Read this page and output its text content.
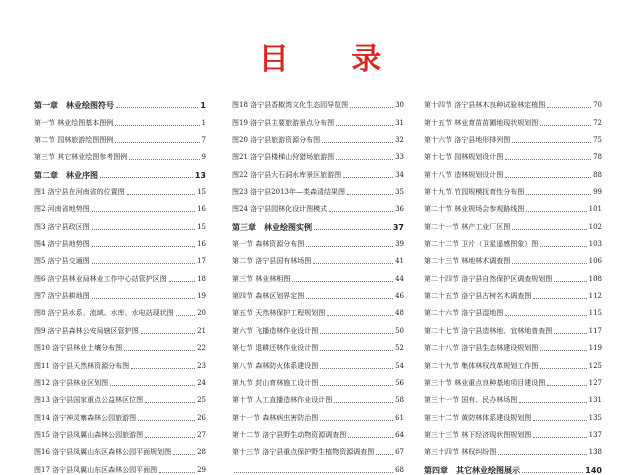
目 录
第一章　林业绘图符号	1
第一节 林业绘图基本图例	1
第二节 园林旅游绘图图例	7
第三节 其它林业绘图参考图例	9
第二章　林业序图	13
图1 洛宁县在河南省的位置图	15
图2 河南省地势图	16
图3 洛宁县政区图	15
图4 洛宁县地势图	16
图5 洛宁县交通图	17
图6 洛宁县林业局林业工作中心站管护区图	18
图7 洛宁县耕地图	19
图8 洛宁县水系、流域、水库、水电站现状图	20
图9 洛宁县森林公安局辖区管护图	21
图10 洛宁县林业土壤分布图	22
图11 洛宁县天然林资源分布图	23
图12 洛宁县林业区划图	24
图13 洛宁县国家重点公益林区位图	25
图14 洛宁神灵寨森林公园旅游图	26
图15 洛宁县凤翼山森林公园旅游图	27
图16 洛宁县凤翼山东区森林公园平面规划图	28
图17 洛宁县凤翼山东区森林公园平面图	29
图18 洛宁县香椒湾文化生态园导览图	30
图19 洛宁县主要旅游景点分布图	31
图20 洛宁县旅游资源分布图	32
图21 洛宁县楼梯山狩猎场旅游图	33
图22 洛宁县大石洞水库景区旅游图	34
图23 洛宁县2013年—类森清结果图	35
图24 洛宁县园林化设计图模式	36
第三章　林业绘图实例	37
第一节 森林资源分布图	39
第二节 洛宁县国有林场图	41
第三节 林业林相图	44
第四节 森林区划界定图	46
第五节 天然林保护工程规划图	48
第六节 飞播造林作业设计图	50
第七节 退耕还林作业设计图	52
第八节 森林防火体系建设图	54
第九节 封山育林施工设计图	56
第十节 人工直播造林作业设计图	58
第十一节 森林病虫害防治图	61
第十二节 洛宁县野生动物资源调查图	64
第十三节 洛宁县重点保护野生植物资源调查图	67
68
第十四节 洛宁县林木良种试验林定植图	70
第十五节 林业育苗苗圃地现状规划图	72
第十六节 洛宁县地形排列图	75
第十七节 园林规划设计图	78
第十八节 造林规划设计图	88
第十九节 竹园规模抚育性分布图	99
第二十节 林业规场会参观路线图	101
第二十一节 林产工业厂区图	102
第二十二节 卫片（卫星遥感图象）图	103
第二十三节 林地林木调查图	106
第二十四节 洛宁县自然保护区调查规划图	108
第二十五节 洛宁县古树名木调查图	112
第二十六节 洛宁县湿地图	115
第二十七节 洛宁县造林地、宜林地普查图	117
第二十八节 洛宁县生态林建设规划图	119
第二十九节 集体林权改革规划工作图	125
第三十节 林业重点良种基地项目建设图	127
第三十一节 国有、民办林场图	131
第三十二节 黄防林体系建设规划图	135
第三十三节 林下经济现状图规划图	137
第三十四节 林权纠纷图	138
第四章　其它林业绘图展示	140
